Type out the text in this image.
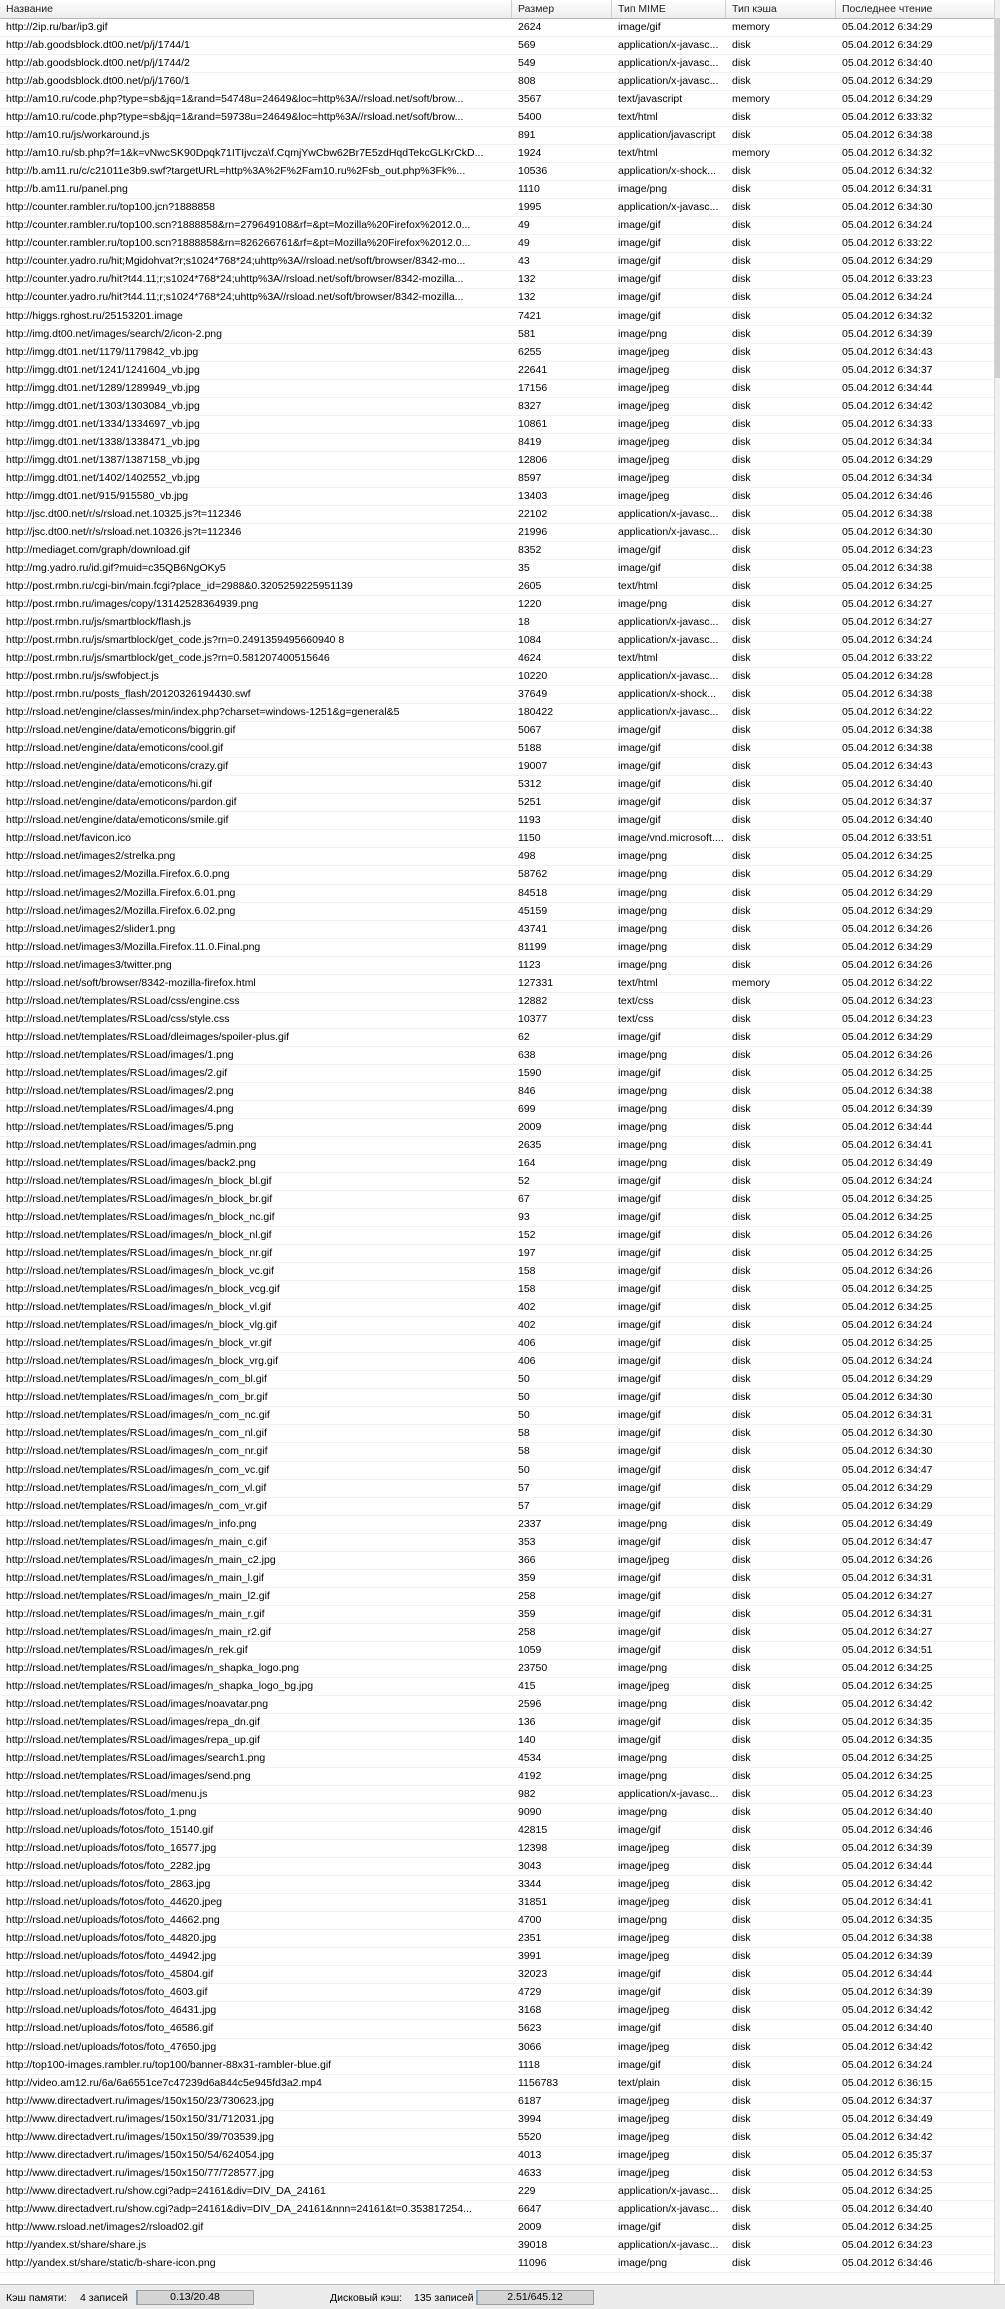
Название	Размер	Тип MIME	Тип кэша	Последнее чтение
http://2ip.ru/bar/ip3.gif	2624	image/gif	memory	05.04.2012 6:34:29
http://ab.goodsblock.dt00.net/p/j/1744/1	569	application/x-javasc...	disk	05.04.2012 6:34:29
http://ab.goodsblock.dt00.net/p/j/1744/2	549	application/x-javasc...	disk	05.04.2012 6:34:40
http://ab.goodsblock.dt00.net/p/j/1760/1	808	application/x-javasc...	disk	05.04.2012 6:34:29
http://am10.ru/code.php?type=sb&jq=1&rand=54748u=24649&loc=http%3A//rsload.net/soft/brow...	3567	text/javascript	memory	05.04.2012 6:34:29
http://am10.ru/code.php?type=sb&jq=1&rand=59738u=24649&loc=http%3A//rsload.net/soft/brow...	5400	text/html	disk	05.04.2012 6:33:32
http://am10.ru/js/workaround.js	891	application/javascript	disk	05.04.2012 6:34:38
http://am10.ru/sb.php?f=1&k=vNwcSK90Dpqk71ITIjvcza\f.CqmjYwCbw62Br7E5zdHqdTekcGLKrCkD...	1924	text/html	memory	05.04.2012 6:34:32
http://b.am11.ru/c/c21011e3b9.swf?targetURL=http%3A%2F%2Fam10.ru%2Fsb_out.php%3Fk%...	10536	application/x-shock...	disk	05.04.2012 6:34:32
http://b.am11.ru/panel.png	1110	image/png	disk	05.04.2012 6:34:31
http://counter.rambler.ru/top100.jcn?1888858	1995	application/x-javasc...	disk	05.04.2012 6:34:30
http://counter.rambler.ru/top100.scn?1888858&rn=279649108&rf=&pt=Mozilla%20Firefox%2012.0...	49	image/gif	disk	05.04.2012 6:34:24
http://counter.rambler.ru/top100.scn?1888858&rn=826266761&rf=&pt=Mozilla%20Firefox%2012.0...	49	image/gif	disk	05.04.2012 6:33:22
http://counter.yadro.ru/hit;Mgidohvat?r;s1024*768*24;uhttp%3A//rsload.net/soft/browser/8342-mo...	43	image/gif	disk	05.04.2012 6:34:29
http://counter.yadro.ru/hit?t44.11;r;s1024*768*24;uhttp%3A//rsload.net/soft/browser/8342-mozilla...	132	image/gif	disk	05.04.2012 6:33:23
http://counter.yadro.ru/hit?t44.11;r;s1024*768*24;uhttp%3A//rsload.net/soft/browser/8342-mozilla...	132	image/gif	disk	05.04.2012 6:34:24
http://higgs.rghost.ru/25153201.image	7421	image/gif	disk	05.04.2012 6:34:32
http://img.dt00.net/images/search/2/icon-2.png	581	image/png	disk	05.04.2012 6:34:39
http://imgg.dt01.net/1179/1179842_vb.jpg	6255	image/jpeg	disk	05.04.2012 6:34:43
http://imgg.dt01.net/1241/1241604_vb.jpg	22641	image/jpeg	disk	05.04.2012 6:34:37
http://imgg.dt01.net/1289/1289949_vb.jpg	17156	image/jpeg	disk	05.04.2012 6:34:44
http://imgg.dt01.net/1303/1303084_vb.jpg	8327	image/jpeg	disk	05.04.2012 6:34:42
http://imgg.dt01.net/1334/1334697_vb.jpg	10861	image/jpeg	disk	05.04.2012 6:34:33
http://imgg.dt01.net/1338/1338471_vb.jpg	8419	image/jpeg	disk	05.04.2012 6:34:34
http://imgg.dt01.net/1387/1387158_vb.jpg	12806	image/jpeg	disk	05.04.2012 6:34:29
http://imgg.dt01.net/1402/1402552_vb.jpg	8597	image/jpeg	disk	05.04.2012 6:34:34
http://imgg.dt01.net/915/915580_vb.jpg	13403	image/jpeg	disk	05.04.2012 6:34:46
http://jsc.dt00.net/r/s/rsload.net.10325.js?t=112346	22102	application/x-javasc...	disk	05.04.2012 6:34:38
http://jsc.dt00.net/r/s/rsload.net.10326.js?t=112346	21996	application/x-javasc...	disk	05.04.2012 6:34:30
http://mediaget.com/graph/download.gif	8352	image/gif	disk	05.04.2012 6:34:23
http://mg.yadro.ru/id.gif?muid=c35QB6NgOKy5	35	image/gif	disk	05.04.2012 6:34:38
http://post.rmbn.ru/cgi-bin/main.fcgi?place_id=2988&0.3205259225951139	2605	text/html	disk	05.04.2012 6:34:25
http://post.rmbn.ru/images/copy/13142528364939.png	1220	image/png	disk	05.04.2012 6:34:27
http://post.rmbn.ru/js/smartblock/flash.js	18	application/x-javasc...	disk	05.04.2012 6:34:27
http://post.rmbn.ru/js/smartblock/get_code.js?rn=0.2491359495660940 8	1084	application/x-javasc...	disk	05.04.2012 6:34:24
http://post.rmbn.ru/js/smartblock/get_code.js?rn=0.581207400515646	4624	text/html	disk	05.04.2012 6:33:22
http://post.rmbn.ru/js/swfobject.js	10220	application/x-javasc...	disk	05.04.2012 6:34:28
http://post.rmbn.ru/posts_flash/20120326194430.swf	37649	application/x-shock...	disk	05.04.2012 6:34:38
http://rsload.net/engine/classes/min/index.php?charset=windows-1251&g=general&5	180422	application/x-javasc...	disk	05.04.2012 6:34:22
http://rsload.net/engine/data/emoticons/biggrin.gif	5067	image/gif	disk	05.04.2012 6:34:38
http://rsload.net/engine/data/emoticons/cool.gif	5188	image/gif	disk	05.04.2012 6:34:38
http://rsload.net/engine/data/emoticons/crazy.gif	19007	image/gif	disk	05.04.2012 6:34:43
http://rsload.net/engine/data/emoticons/hi.gif	5312	image/gif	disk	05.04.2012 6:34:40
http://rsload.net/engine/data/emoticons/pardon.gif	5251	image/gif	disk	05.04.2012 6:34:37
http://rsload.net/engine/data/emoticons/smile.gif	1193	image/gif	disk	05.04.2012 6:34:40
http://rsload.net/favicon.ico	1150	image/vnd.microsoft.... disk	05.04.2012 6:33:51
http://rsload.net/images2/strelka.png	498	image/png	disk	05.04.2012 6:34:25
http://rsload.net/images2/Mozilla.Firefox.6.0.png	58762	image/png	disk	05.04.2012 6:34:29
http://rsload.net/images2/Mozilla.Firefox.6.01.png	84518	image/png	disk	05.04.2012 6:34:29
http://rsload.net/images2/Mozilla.Firefox.6.02.png	45159	image/png	disk	05.04.2012 6:34:29
http://rsload.net/images2/slider1.png	43741	image/png	disk	05.04.2012 6:34:26
http://rsload.net/images3/Mozilla.Firefox.11.0.Final.png	81199	image/png	disk	05.04.2012 6:34:29
http://rsload.net/images3/twitter.png	1123	image/png	disk	05.04.2012 6:34:26
http://rsload.net/soft/browser/8342-mozilla-firefox.html	127331	text/html	memory	05.04.2012 6:34:22
http://rsload.net/templates/RSLoad/css/engine.css	12882	text/css	disk	05.04.2012 6:34:23
http://rsload.net/templates/RSLoad/css/style.css	10377	text/css	disk	05.04.2012 6:34:23
http://rsload.net/templates/RSLoad/dleimages/spoiler-plus.gif	62	image/gif	disk	05.04.2012 6:34:29
http://rsload.net/templates/RSLoad/images/1.png	638	image/png	disk	05.04.2012 6:34:26
http://rsload.net/templates/RSLoad/images/2.gif	1590	image/gif	disk	05.04.2012 6:34:25
http://rsload.net/templates/RSLoad/images/2.png	846	image/png	disk	05.04.2012 6:34:38
http://rsload.net/templates/RSLoad/images/4.png	699	image/png	disk	05.04.2012 6:34:39
http://rsload.net/templates/RSLoad/images/5.png	2009	image/png	disk	05.04.2012 6:34:44
http://rsload.net/templates/RSLoad/images/admin.png	2635	image/png	disk	05.04.2012 6:34:41
http://rsload.net/templates/RSLoad/images/back2.png	164	image/png	disk	05.04.2012 6:34:49
http://rsload.net/templates/RSLoad/images/n_block_bl.gif	52	image/gif	disk	05.04.2012 6:34:24
http://rsload.net/templates/RSLoad/images/n_block_br.gif	67	image/gif	disk	05.04.2012 6:34:25
http://rsload.net/templates/RSLoad/images/n_block_nc.gif	93	image/gif	disk	05.04.2012 6:34:25
http://rsload.net/templates/RSLoad/images/n_block_nl.gif	152	image/gif	disk	05.04.2012 6:34:26
http://rsload.net/templates/RSLoad/images/n_block_nr.gif	197	image/gif	disk	05.04.2012 6:34:25
http://rsload.net/templates/RSLoad/images/n_block_vc.gif	158	image/gif	disk	05.04.2012 6:34:26
http://rsload.net/templates/RSLoad/images/n_block_vcg.gif	158	image/gif	disk	05.04.2012 6:34:25
http://rsload.net/templates/RSLoad/images/n_block_vl.gif	402	image/gif	disk	05.04.2012 6:34:25
http://rsload.net/templates/RSLoad/images/n_block_vlg.gif	402	image/gif	disk	05.04.2012 6:34:24
http://rsload.net/templates/RSLoad/images/n_block_vr.gif	406	image/gif	disk	05.04.2012 6:34:25
http://rsload.net/templates/RSLoad/images/n_block_vrg.gif	406	image/gif	disk	05.04.2012 6:34:24
http://rsload.net/templates/RSLoad/images/n_com_bl.gif	50	image/gif	disk	05.04.2012 6:34:29
http://rsload.net/templates/RSLoad/images/n_com_br.gif	50	image/gif	disk	05.04.2012 6:34:30
http://rsload.net/templates/RSLoad/images/n_com_nc.gif	50	image/gif	disk	05.04.2012 6:34:31
http://rsload.net/templates/RSLoad/images/n_com_nl.gif	58	image/gif	disk	05.04.2012 6:34:30
http://rsload.net/templates/RSLoad/images/n_com_nr.gif	58	image/gif	disk	05.04.2012 6:34:30
http://rsload.net/templates/RSLoad/images/n_com_vc.gif	50	image/gif	disk	05.04.2012 6:34:47
http://rsload.net/templates/RSLoad/images/n_com_vl.gif	57	image/gif	disk	05.04.2012 6:34:29
http://rsload.net/templates/RSLoad/images/n_com_vr.gif	57	image/gif	disk	05.04.2012 6:34:29
http://rsload.net/templates/RSLoad/images/n_info.png	2337	image/png	disk	05.04.2012 6:34:49
http://rsload.net/templates/RSLoad/images/n_main_c.gif	353	image/gif	disk	05.04.2012 6:34:47
http://rsload.net/templates/RSLoad/images/n_main_c2.jpg	366	image/jpeg	disk	05.04.2012 6:34:26
http://rsload.net/templates/RSLoad/images/n_main_l.gif	359	image/gif	disk	05.04.2012 6:34:31
http://rsload.net/templates/RSLoad/images/n_main_l2.gif	258	image/gif	disk	05.04.2012 6:34:27
http://rsload.net/templates/RSLoad/images/n_main_r.gif	359	image/gif	disk	05.04.2012 6:34:31
http://rsload.net/templates/RSLoad/images/n_main_r2.gif	258	image/gif	disk	05.04.2012 6:34:27
http://rsload.net/templates/RSLoad/images/n_rek.gif	1059	image/gif	disk	05.04.2012 6:34:51
http://rsload.net/templates/RSLoad/images/n_shapka_logo.png	23750	image/png	disk	05.04.2012 6:34:25
http://rsload.net/templates/RSLoad/images/n_shapka_logo_bg.jpg	415	image/jpeg	disk	05.04.2012 6:34:25
http://rsload.net/templates/RSLoad/images/noavatar.png	2596	image/png	disk	05.04.2012 6:34:42
http://rsload.net/templates/RSLoad/images/repa_dn.gif	136	image/gif	disk	05.04.2012 6:34:35
http://rsload.net/templates/RSLoad/images/repa_up.gif	140	image/gif	disk	05.04.2012 6:34:35
http://rsload.net/templates/RSLoad/images/search1.png	4534	image/png	disk	05.04.2012 6:34:25
http://rsload.net/templates/RSLoad/images/send.png	4192	image/png	disk	05.04.2012 6:34:25
http://rsload.net/templates/RSLoad/menu.js	982	application/x-javasc...	disk	05.04.2012 6:34:23
http://rsload.net/uploads/fotos/foto_1.png	9090	image/png	disk	05.04.2012 6:34:40
http://rsload.net/uploads/fotos/foto_15140.gif	42815	image/gif	disk	05.04.2012 6:34:46
http://rsload.net/uploads/fotos/foto_16577.jpg	12398	image/jpeg	disk	05.04.2012 6:34:39
http://rsload.net/uploads/fotos/foto_2282.jpg	3043	image/jpeg	disk	05.04.2012 6:34:44
http://rsload.net/uploads/fotos/foto_2863.jpg	3344	image/jpeg	disk	05.04.2012 6:34:42
http://rsload.net/uploads/fotos/foto_44620.jpeg	31851	image/jpeg	disk	05.04.2012 6:34:41
http://rsload.net/uploads/fotos/foto_44662.png	4700	image/png	disk	05.04.2012 6:34:35
http://rsload.net/uploads/fotos/foto_44820.jpg	2351	image/jpeg	disk	05.04.2012 6:34:38
http://rsload.net/uploads/fotos/foto_44942.jpg	3991	image/jpeg	disk	05.04.2012 6:34:39
http://rsload.net/uploads/fotos/foto_45804.gif	32023	image/gif	disk	05.04.2012 6:34:44
http://rsload.net/uploads/fotos/foto_4603.gif	4729	image/gif	disk	05.04.2012 6:34:39
http://rsload.net/uploads/fotos/foto_46431.jpg	3168	image/jpeg	disk	05.04.2012 6:34:42
http://rsload.net/uploads/fotos/foto_46586.gif	5623	image/gif	disk	05.04.2012 6:34:40
http://rsload.net/uploads/fotos/foto_47650.jpg	3066	image/jpeg	disk	05.04.2012 6:34:42
http://top100-images.rambler.ru/top100/banner-88x31-rambler-blue.gif	1118	image/gif	disk	05.04.2012 6:34:24
http://video.am12.ru/6a/6a6551ce7c47239d6a844c5e945fd3a2.mp4	1156783	text/plain	disk	05.04.2012 6:36:15
http://www.directadvert.ru/images/150x150/23/730623.jpg	6187	image/jpeg	disk	05.04.2012 6:34:37
http://www.directadvert.ru/images/150x150/31/712031.jpg	3994	image/jpeg	disk	05.04.2012 6:34:49
http://www.directadvert.ru/images/150x150/39/703539.jpg	5520	image/jpeg	disk	05.04.2012 6:34:42
http://www.directadvert.ru/images/150x150/54/624054.jpg	4013	image/jpeg	disk	05.04.2012 6:35:37
http://www.directadvert.ru/images/150x150/77/728577.jpg	4633	image/jpeg	disk	05.04.2012 6:34:53
http://www.directadvert.ru/show.cgi?adp=24161&div=DIV_DA_24161	229	application/x-javasc...	disk	05.04.2012 6:34:25
http://www.directadvert.ru/show.cgi?adp=24161&div=DIV_DA_24161&nnn=24161&t=0.353817254...	6647	application/x-javasc...	disk	05.04.2012 6:34:40
http://www.rsload.net/images2/rsload02.gif	2009	image/gif	disk	05.04.2012 6:34:25
http://yandex.st/share/share.js	39018	application/x-javasc...	disk	05.04.2012 6:34:23
http://yandex.st/share/static/b-share-icon.png	11096	image/png	disk	05.04.2012 6:34:46
Кэш памяти: 4 записей	0.13/20.48	Дисковый кэш: 135 записей	2.51/645.12
